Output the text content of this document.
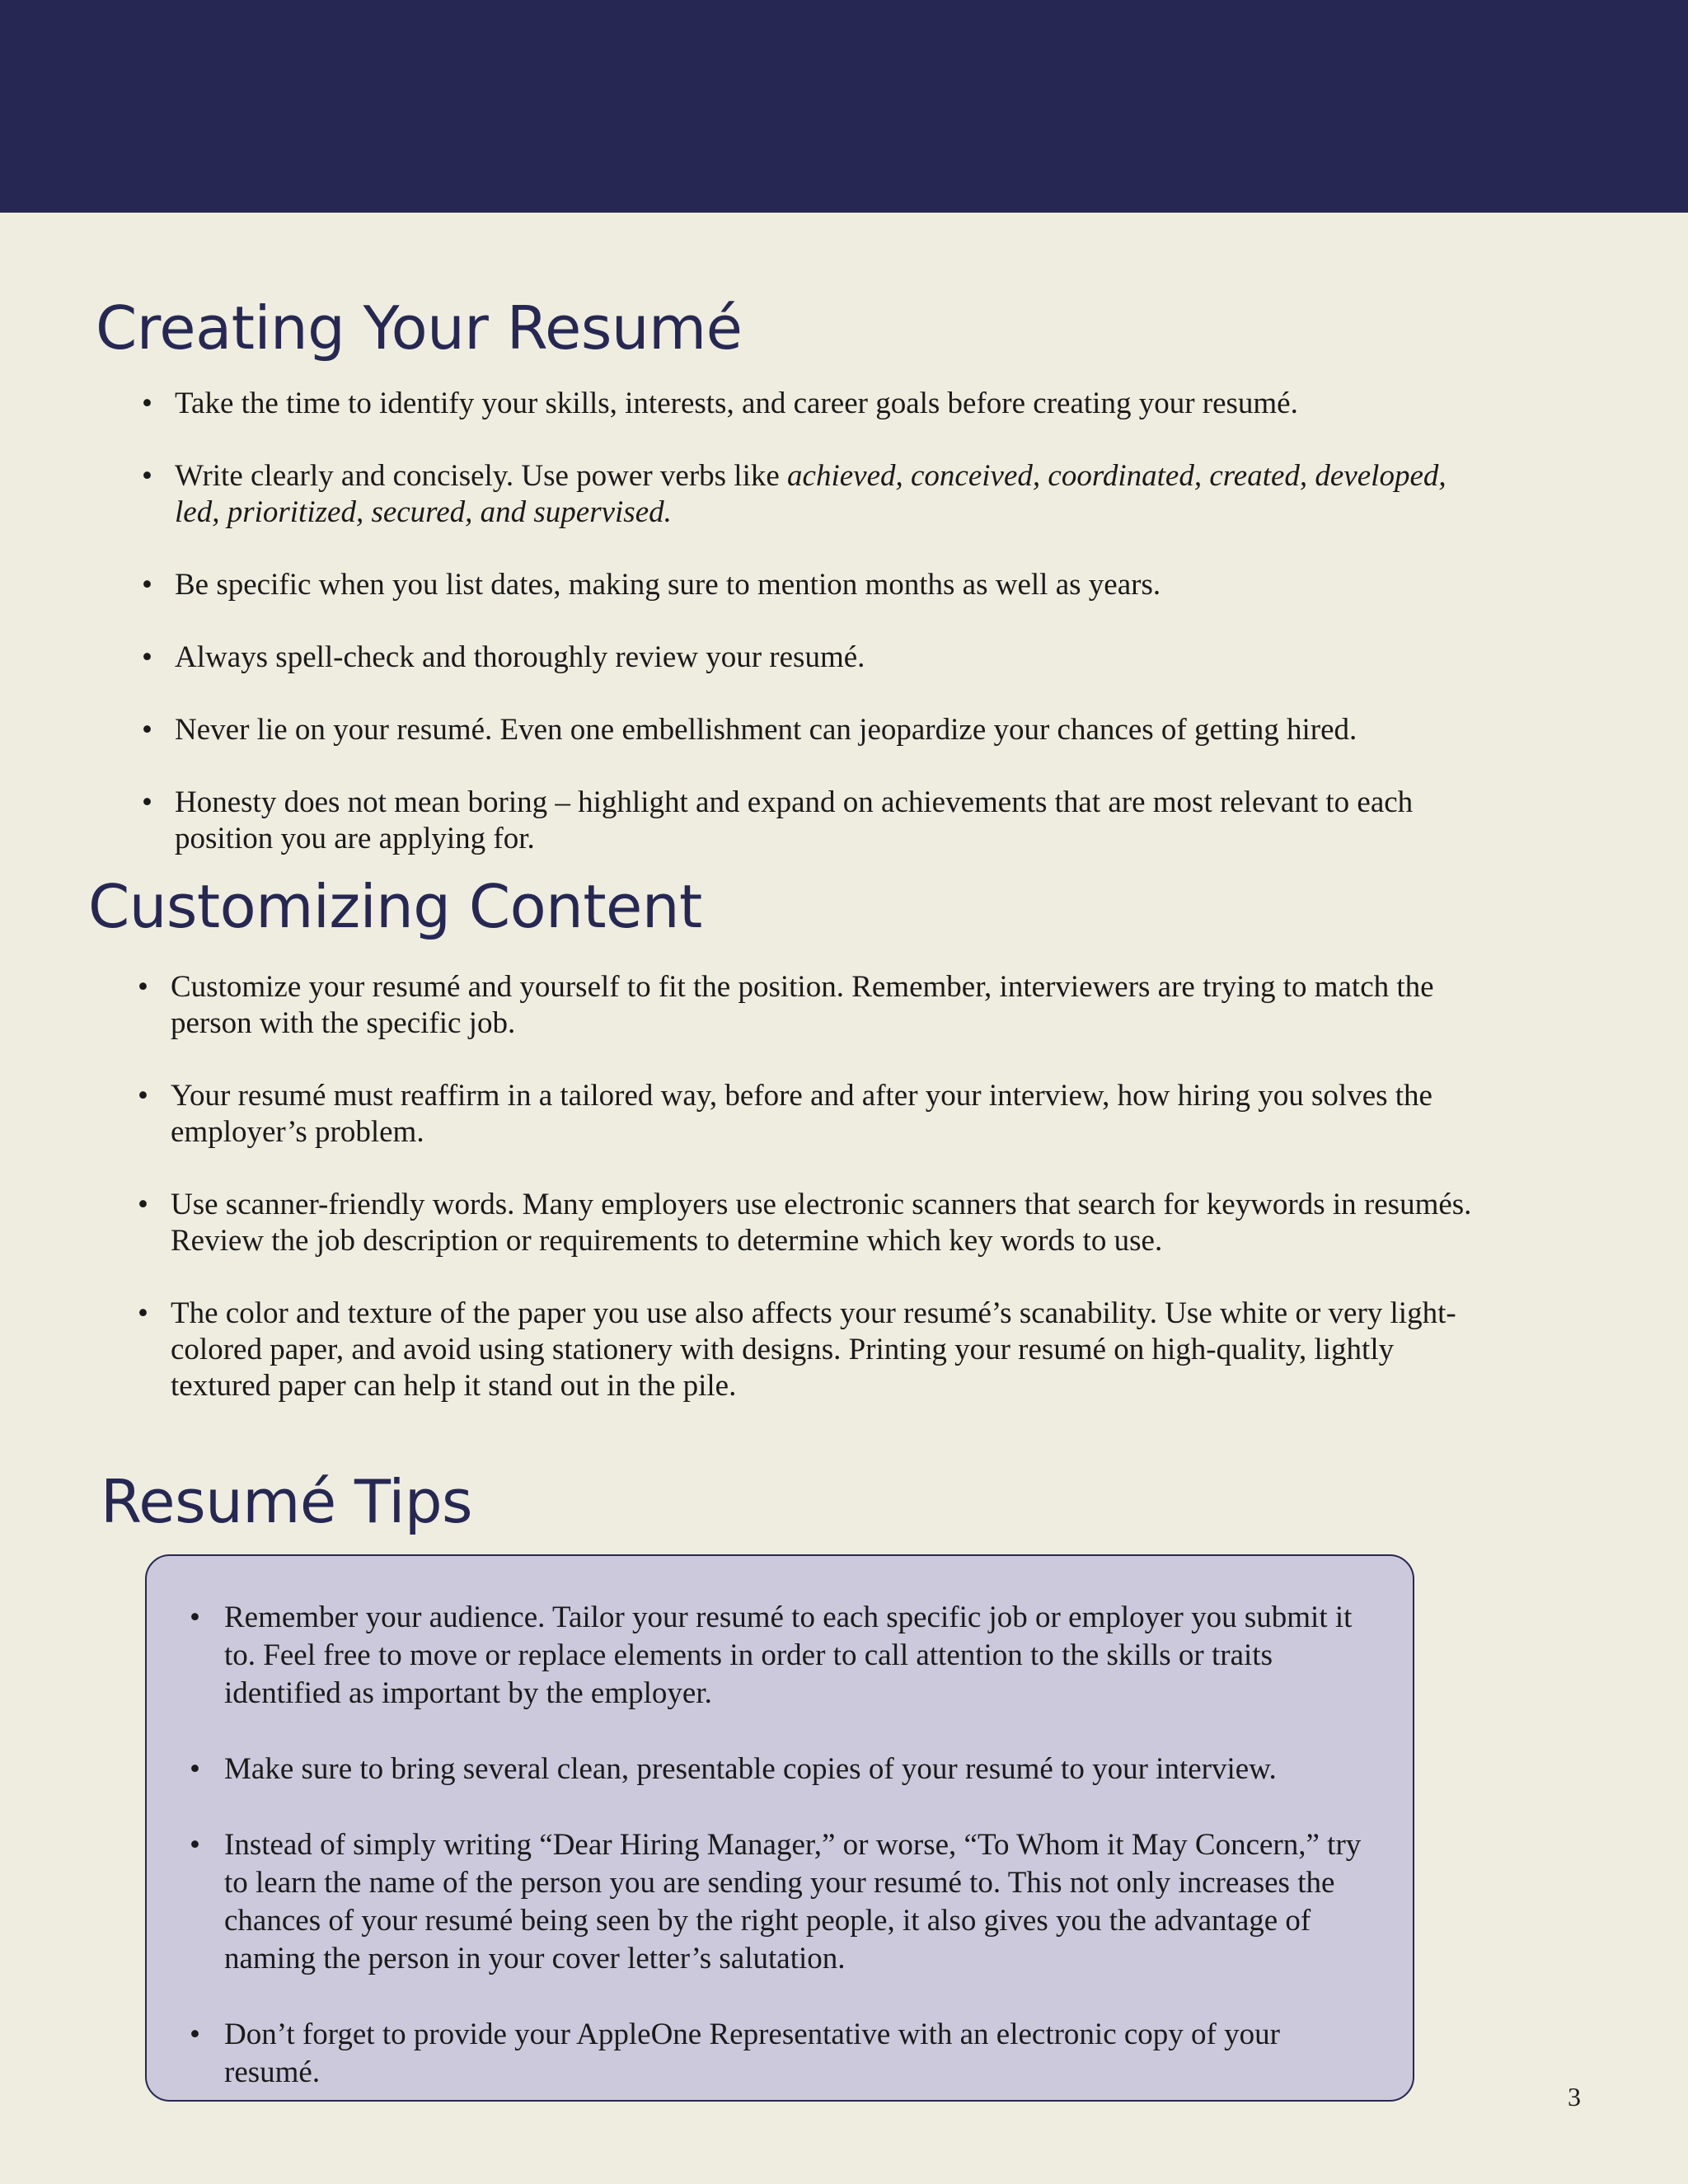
Creating Your Resumé
• Take the time to identify your skills, interests, and career goals before creating your resumé.
• Write clearly and concisely. Use power verbs like achieved, conceived, coordinated, created, developed, led, prioritized, secured, and supervised.
• Be specific when you list dates, making sure to mention months as well as years.
• Always spell-check and thoroughly review your resumé.
• Never lie on your resumé. Even one embellishment can jeopardize your chances of getting hired.
• Honesty does not mean boring – highlight and expand on achievements that are most relevant to each position you are applying for.
Customizing Content
• Customize your resumé and yourself to fit the position. Remember, interviewers are trying to match the person with the specific job.
• Your resumé must reaffirm in a tailored way, before and after your interview, how hiring you solves the employer’s problem.
• Use scanner-friendly words. Many employers use electronic scanners that search for keywords in resumés. Review the job description or requirements to determine which key words to use.
• The color and texture of the paper you use also affects your resumé’s scanability. Use white or very light-colored paper, and avoid using stationery with designs. Printing your resumé on high-quality, lightly textured paper can help it stand out in the pile.
Resumé Tips
• Remember your audience. Tailor your resumé to each specific job or employer you submit it to. Feel free to move or replace elements in order to call attention to the skills or traits identified as important by the employer.
• Make sure to bring several clean, presentable copies of your resumé to your interview.
• Instead of simply writing “Dear Hiring Manager,” or worse, “To Whom it May Concern,” try to learn the name of the person you are sending your resumé to. This not only increases the chances of your resumé being seen by the right people, it also gives you the advantage of naming the person in your cover letter’s salutation.
• Don’t forget to provide your AppleOne Representative with an electronic copy of your resumé.
3
